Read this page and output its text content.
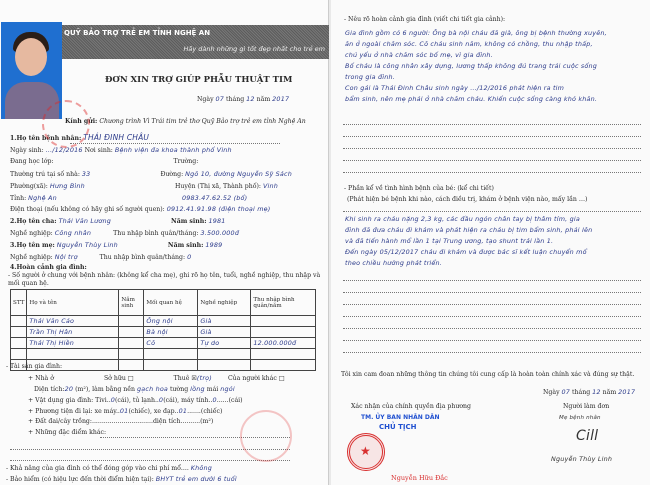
QUỸ BẢO TRỢ TRẺ EM TỈNH NGHỆ AN
Hãy dành những gì tốt đẹp nhất cho trẻ em
ĐƠN XIN TRỢ GIÚP PHẪU THUẬT TIM
Ngày 07 tháng 12 năm 2017
Kính gửi: Chương trình Vì Trái tim trẻ thơ Quỹ Bảo trợ trẻ em tỉnh Nghệ An
1.Họ tên bệnh nhân: THÁI ĐINH CHÂU
Ngày sinh: …/12/2016 Nơi sinh: Bệnh viện đa khoa thành phố Vinh
Đang học lớp:	Trường:
Thường trú tại số nhà: 33	Đường: Ngõ 10, đường Nguyễn Sỹ Sách
Phường(xã): Hưng Bình	Huyện (Thị xã, Thành phố): Vinh
Tỉnh: Nghệ An	0983.47.62.52 (bố)
Điện thoại (nếu không có hãy ghi số người quen): 0912.41.91.98 (điện thoại mẹ)
2.Họ tên cha: Thái Văn Lương	Năm sinh: 1981
Nghề nghiệp: Công nhân	Thu nhập bình quân/tháng: 3.500.000đ
3.Họ tên mẹ: Nguyễn Thùy Linh	Năm sinh: 1989
Nghề nghiệp: Nội trợ	Thu nhập bình quân/tháng: 0
4.Hoàn cảnh gia đình:
- Số người ở chung với bệnh nhân: (không kể cha mẹ), ghi rõ họ tên, tuổi, nghề nghiệp, thu nhập và
mối quan hệ.
STT	Họ và tên	Năm sinh	Mối quan hệ	Nghề nghiệp	Thu nhập bình quân/năm
	Thái Văn Cảo		Ông nội	Già	
	Trần Thị Hân		Bà nội	Già	
	Thái Thị Hiền		Cô	Tự do	12.000.000đ

- Tài sản gia đình:
+ Nhà ở	Sở hữu □	Thuê ☒(trọ)	Của người khác □
Diện tích:20 (m²), làm bằng nền gạch hoa tường lồng mái ngói
+ Vật dụng gia đình: Tivi..0(cái), tủ lạnh..0(cái), máy tính..0......(cái)
+ Phương tiện đi lại: xe máy..01(chiếc), xe đạp..01.......(chiếc)
+ Đất đai/cây trồng:...............................diện tích..........(m²)
+ Những đặc điểm khác:
- Khả năng của gia đình có thể đóng góp vào chi phí mổ.... Không
- Bảo hiểm (có hiệu lực đến thời điểm hiện tại): BHYT trẻ em dưới 6 tuổi
- Nêu rõ hoàn cảnh gia đình (viết chi tiết gia cảnh):
Gia đình gồm có 6 người: Ông bà nội cháu đã già, ông bị bệnh thường xuyên,
ăn ở ngoài chăm sóc. Cô cháu sinh năm, không có chồng, thu nhập thấp,
chủ yếu ở nhà chăm sóc bố mẹ, vì gia đình.
Bố cháu là công nhân xây dựng, lương thấp không đủ trang trải cuộc sống
trong gia đình.
Con gái là Thái Đinh Châu sinh ngày …/12/2016 phát hiện ra tim
bẩm sinh, nên mẹ phải ở nhà chăm cháu. Khiến cuộc sống càng khó khăn.
- Phần kể về tình hình bệnh của bé: (kể chi tiết)
(Phát hiện bé bệnh khi nào, cách điều trị, khám ở bệnh viện nào, mấy lần …)
Khi sinh ra cháu nặng 2,3 kg, các đầu ngón chân tay bị thâm tím, gia
đình đã đưa cháu đi khám và phát hiện ra cháu bị tim bẩm sinh, phải lên
và đã tiến hành mổ lần 1 tại Trung ương, tạo shunt trái lần 1.
Đến ngày 05/12/2017 cháu đi khám và được bác sĩ kết luận chuyển mổ
theo chiều hướng phát triển.
Tôi xin cam đoan những thông tin chúng tôi cung cấp là hoàn toàn chính xác và đúng sự thật.
Ngày 07 tháng 12 năm 2017
Xác nhận của chính quyền địa phương
TM. ỦY BAN NHÂN DÂN
CHỦ TỊCH
★
Nguyễn Hữu Đắc
Người làm đơn
Mẹ bệnh nhân
Cill
Nguyễn Thùy Linh
